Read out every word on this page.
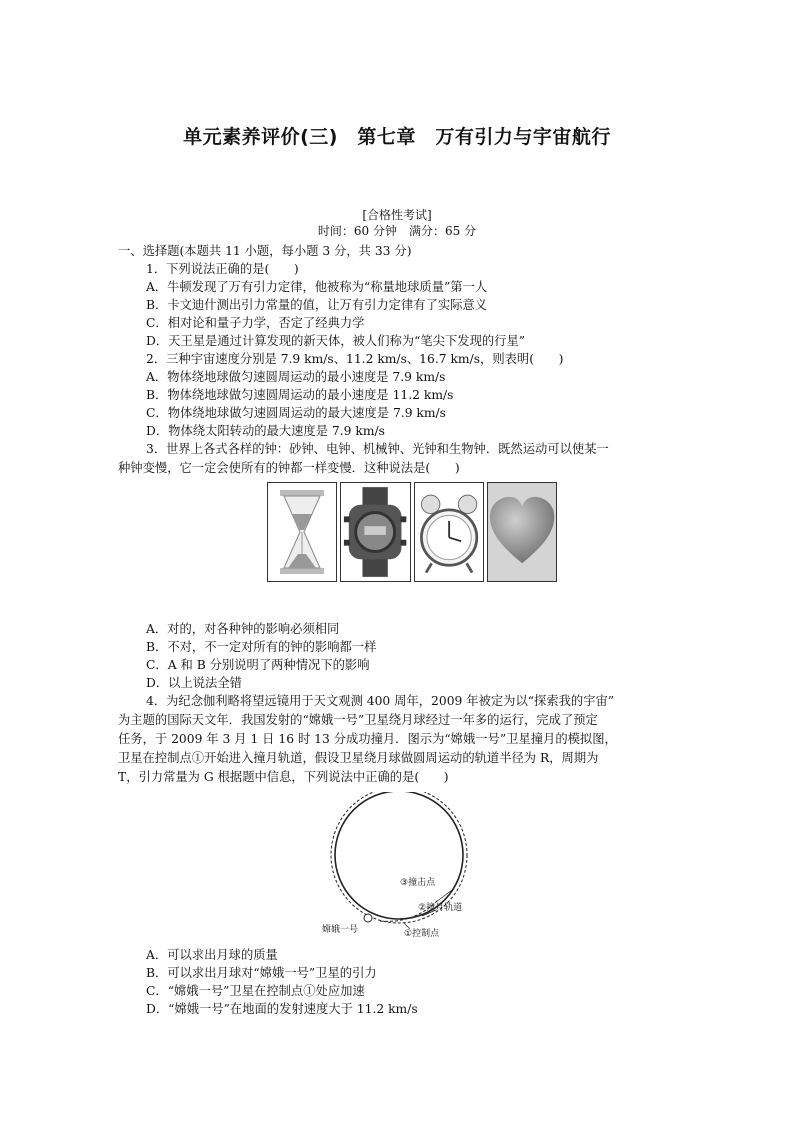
单元素养评价(三)　第七章　万有引力与宇宙航行
[合格性考试]
时间：60 分钟　满分：65 分
一、选择题(本题共 11 小题，每小题 3 分，共 33 分)
1．下列说法正确的是(　　)
A．牛顿发现了万有引力定律，他被称为“称量地球质量”第一人
B．卡文迪什测出引力常量的值，让万有引力定律有了实际意义
C．相对论和量子力学，否定了经典力学
D．天王星是通过计算发现的新天体，被人们称为“笔尖下发现的行星”
2．三种宇宙速度分别是 7.9 km/s、11.2 km/s、16.7 km/s，则表明(　　)
A．物体绕地球做匀速圆周运动的最小速度是 7.9 km/s
B．物体绕地球做匀速圆周运动的最小速度是 11.2 km/s
C．物体绕地球做匀速圆周运动的最大速度是 7.9 km/s
D．物体绕太阳转动的最大速度是 7.9 km/s
3．世界上各式各样的钟：砂钟、电钟、机械钟、光钟和生物钟．既然运动可以使某一
种钟变慢，它一定会使所有的钟都一样变慢．这种说法是(　　)
A．对的，对各种钟的影响必须相同
B．不对，不一定对所有的钟的影响都一样
C．A 和 B 分别说明了两种情况下的影响
D．以上说法全错
4．为纪念伽利略将望远镜用于天文观测 400 周年，2009 年被定为以“探索我的宇宙”
为主题的国际天文年．我国发射的“嫦娥一号”卫星绕月球经过一年多的运行，完成了预定
任务，于 2009 年 3 月 1 日 16 时 13 分成功撞月．图示为“嫦娥一号”卫星撞月的模拟图，
卫星在控制点①开始进入撞月轨道，假设卫星绕月球做圆周运动的轨道半径为 R，周期为
T，引力常量为 G 根据题中信息，下列说法中正确的是(　　)
③撞击点
②撞月轨道
嫦娥一号	①控制点
A．可以求出月球的质量
B．可以求出月球对“嫦娥一号”卫星的引力
C．“嫦娥一号”卫星在控制点①处应加速
D．“嫦娥一号”在地面的发射速度大于 11.2 km/s
